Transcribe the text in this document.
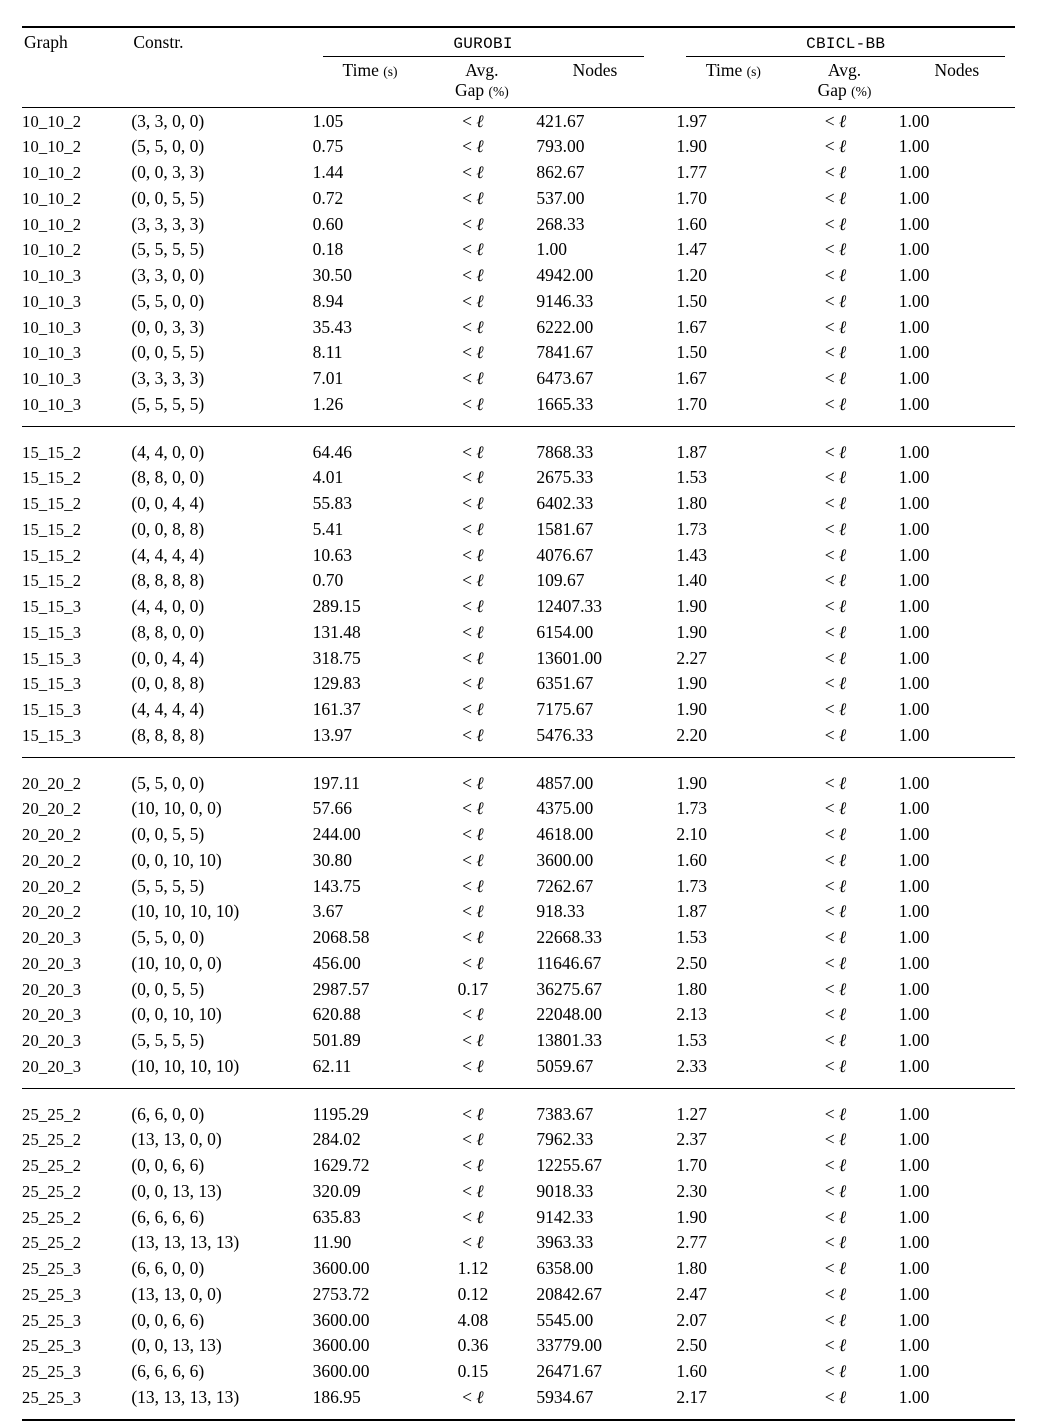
Graph	Constr.	GUROBI				CBICL-BB		

		Time (s)	Avg.
Gap (%)	Nodes		Time (s)	Avg.
Gap (%)	Nodes

10_10_2	(3, 3, 0, 0)	1.05	< ℓ	421.67		1.97	< ℓ	1.00
10_10_2	(5, 5, 0, 0)	0.75	< ℓ	793.00		1.90	< ℓ	1.00
10_10_2	(0, 0, 3, 3)	1.44	< ℓ	862.67		1.77	< ℓ	1.00
10_10_2	(0, 0, 5, 5)	0.72	< ℓ	537.00		1.70	< ℓ	1.00
10_10_2	(3, 3, 3, 3)	0.60	< ℓ	268.33		1.60	< ℓ	1.00
10_10_2	(5, 5, 5, 5)	0.18	< ℓ	1.00		1.47	< ℓ	1.00
10_10_3	(3, 3, 0, 0)	30.50	< ℓ	4942.00		1.20	< ℓ	1.00
10_10_3	(5, 5, 0, 0)	8.94	< ℓ	9146.33		1.50	< ℓ	1.00
10_10_3	(0, 0, 3, 3)	35.43	< ℓ	6222.00		1.67	< ℓ	1.00
10_10_3	(0, 0, 5, 5)	8.11	< ℓ	7841.67		1.50	< ℓ	1.00
10_10_3	(3, 3, 3, 3)	7.01	< ℓ	6473.67		1.67	< ℓ	1.00
10_10_3	(5, 5, 5, 5)	1.26	< ℓ	1665.33		1.70	< ℓ	1.00

15_15_2	(4, 4, 0, 0)	64.46	< ℓ	7868.33		1.87	< ℓ	1.00
15_15_2	(8, 8, 0, 0)	4.01	< ℓ	2675.33		1.53	< ℓ	1.00
15_15_2	(0, 0, 4, 4)	55.83	< ℓ	6402.33		1.80	< ℓ	1.00
15_15_2	(0, 0, 8, 8)	5.41	< ℓ	1581.67		1.73	< ℓ	1.00
15_15_2	(4, 4, 4, 4)	10.63	< ℓ	4076.67		1.43	< ℓ	1.00
15_15_2	(8, 8, 8, 8)	0.70	< ℓ	109.67		1.40	< ℓ	1.00
15_15_3	(4, 4, 0, 0)	289.15	< ℓ	12407.33		1.90	< ℓ	1.00
15_15_3	(8, 8, 0, 0)	131.48	< ℓ	6154.00		1.90	< ℓ	1.00
15_15_3	(0, 0, 4, 4)	318.75	< ℓ	13601.00		2.27	< ℓ	1.00
15_15_3	(0, 0, 8, 8)	129.83	< ℓ	6351.67		1.90	< ℓ	1.00
15_15_3	(4, 4, 4, 4)	161.37	< ℓ	7175.67		1.90	< ℓ	1.00
15_15_3	(8, 8, 8, 8)	13.97	< ℓ	5476.33		2.20	< ℓ	1.00

20_20_2	(5, 5, 0, 0)	197.11	< ℓ	4857.00		1.90	< ℓ	1.00
20_20_2	(10, 10, 0, 0)	57.66	< ℓ	4375.00		1.73	< ℓ	1.00
20_20_2	(0, 0, 5, 5)	244.00	< ℓ	4618.00		2.10	< ℓ	1.00
20_20_2	(0, 0, 10, 10)	30.80	< ℓ	3600.00		1.60	< ℓ	1.00
20_20_2	(5, 5, 5, 5)	143.75	< ℓ	7262.67		1.73	< ℓ	1.00
20_20_2	(10, 10, 10, 10)	3.67	< ℓ	918.33		1.87	< ℓ	1.00
20_20_3	(5, 5, 0, 0)	2068.58	< ℓ	22668.33		1.53	< ℓ	1.00
20_20_3	(10, 10, 0, 0)	456.00	< ℓ	11646.67		2.50	< ℓ	1.00
20_20_3	(0, 0, 5, 5)	2987.57	0.17	36275.67		1.80	< ℓ	1.00
20_20_3	(0, 0, 10, 10)	620.88	< ℓ	22048.00		2.13	< ℓ	1.00
20_20_3	(5, 5, 5, 5)	501.89	< ℓ	13801.33		1.53	< ℓ	1.00
20_20_3	(10, 10, 10, 10)	62.11	< ℓ	5059.67		2.33	< ℓ	1.00

25_25_2	(6, 6, 0, 0)	1195.29	< ℓ	7383.67		1.27	< ℓ	1.00
25_25_2	(13, 13, 0, 0)	284.02	< ℓ	7962.33		2.37	< ℓ	1.00
25_25_2	(0, 0, 6, 6)	1629.72	< ℓ	12255.67		1.70	< ℓ	1.00
25_25_2	(0, 0, 13, 13)	320.09	< ℓ	9018.33		2.30	< ℓ	1.00
25_25_2	(6, 6, 6, 6)	635.83	< ℓ	9142.33		1.90	< ℓ	1.00
25_25_2	(13, 13, 13, 13)	11.90	< ℓ	3963.33		2.77	< ℓ	1.00
25_25_3	(6, 6, 0, 0)	3600.00	1.12	6358.00		1.80	< ℓ	1.00
25_25_3	(13, 13, 0, 0)	2753.72	0.12	20842.67		2.47	< ℓ	1.00
25_25_3	(0, 0, 6, 6)	3600.00	4.08	5545.00		2.07	< ℓ	1.00
25_25_3	(0, 0, 13, 13)	3600.00	0.36	33779.00		2.50	< ℓ	1.00
25_25_3	(6, 6, 6, 6)	3600.00	0.15	26471.67		1.60	< ℓ	1.00
25_25_3	(13, 13, 13, 13)	186.95	< ℓ	5934.67		2.17	< ℓ	1.00
